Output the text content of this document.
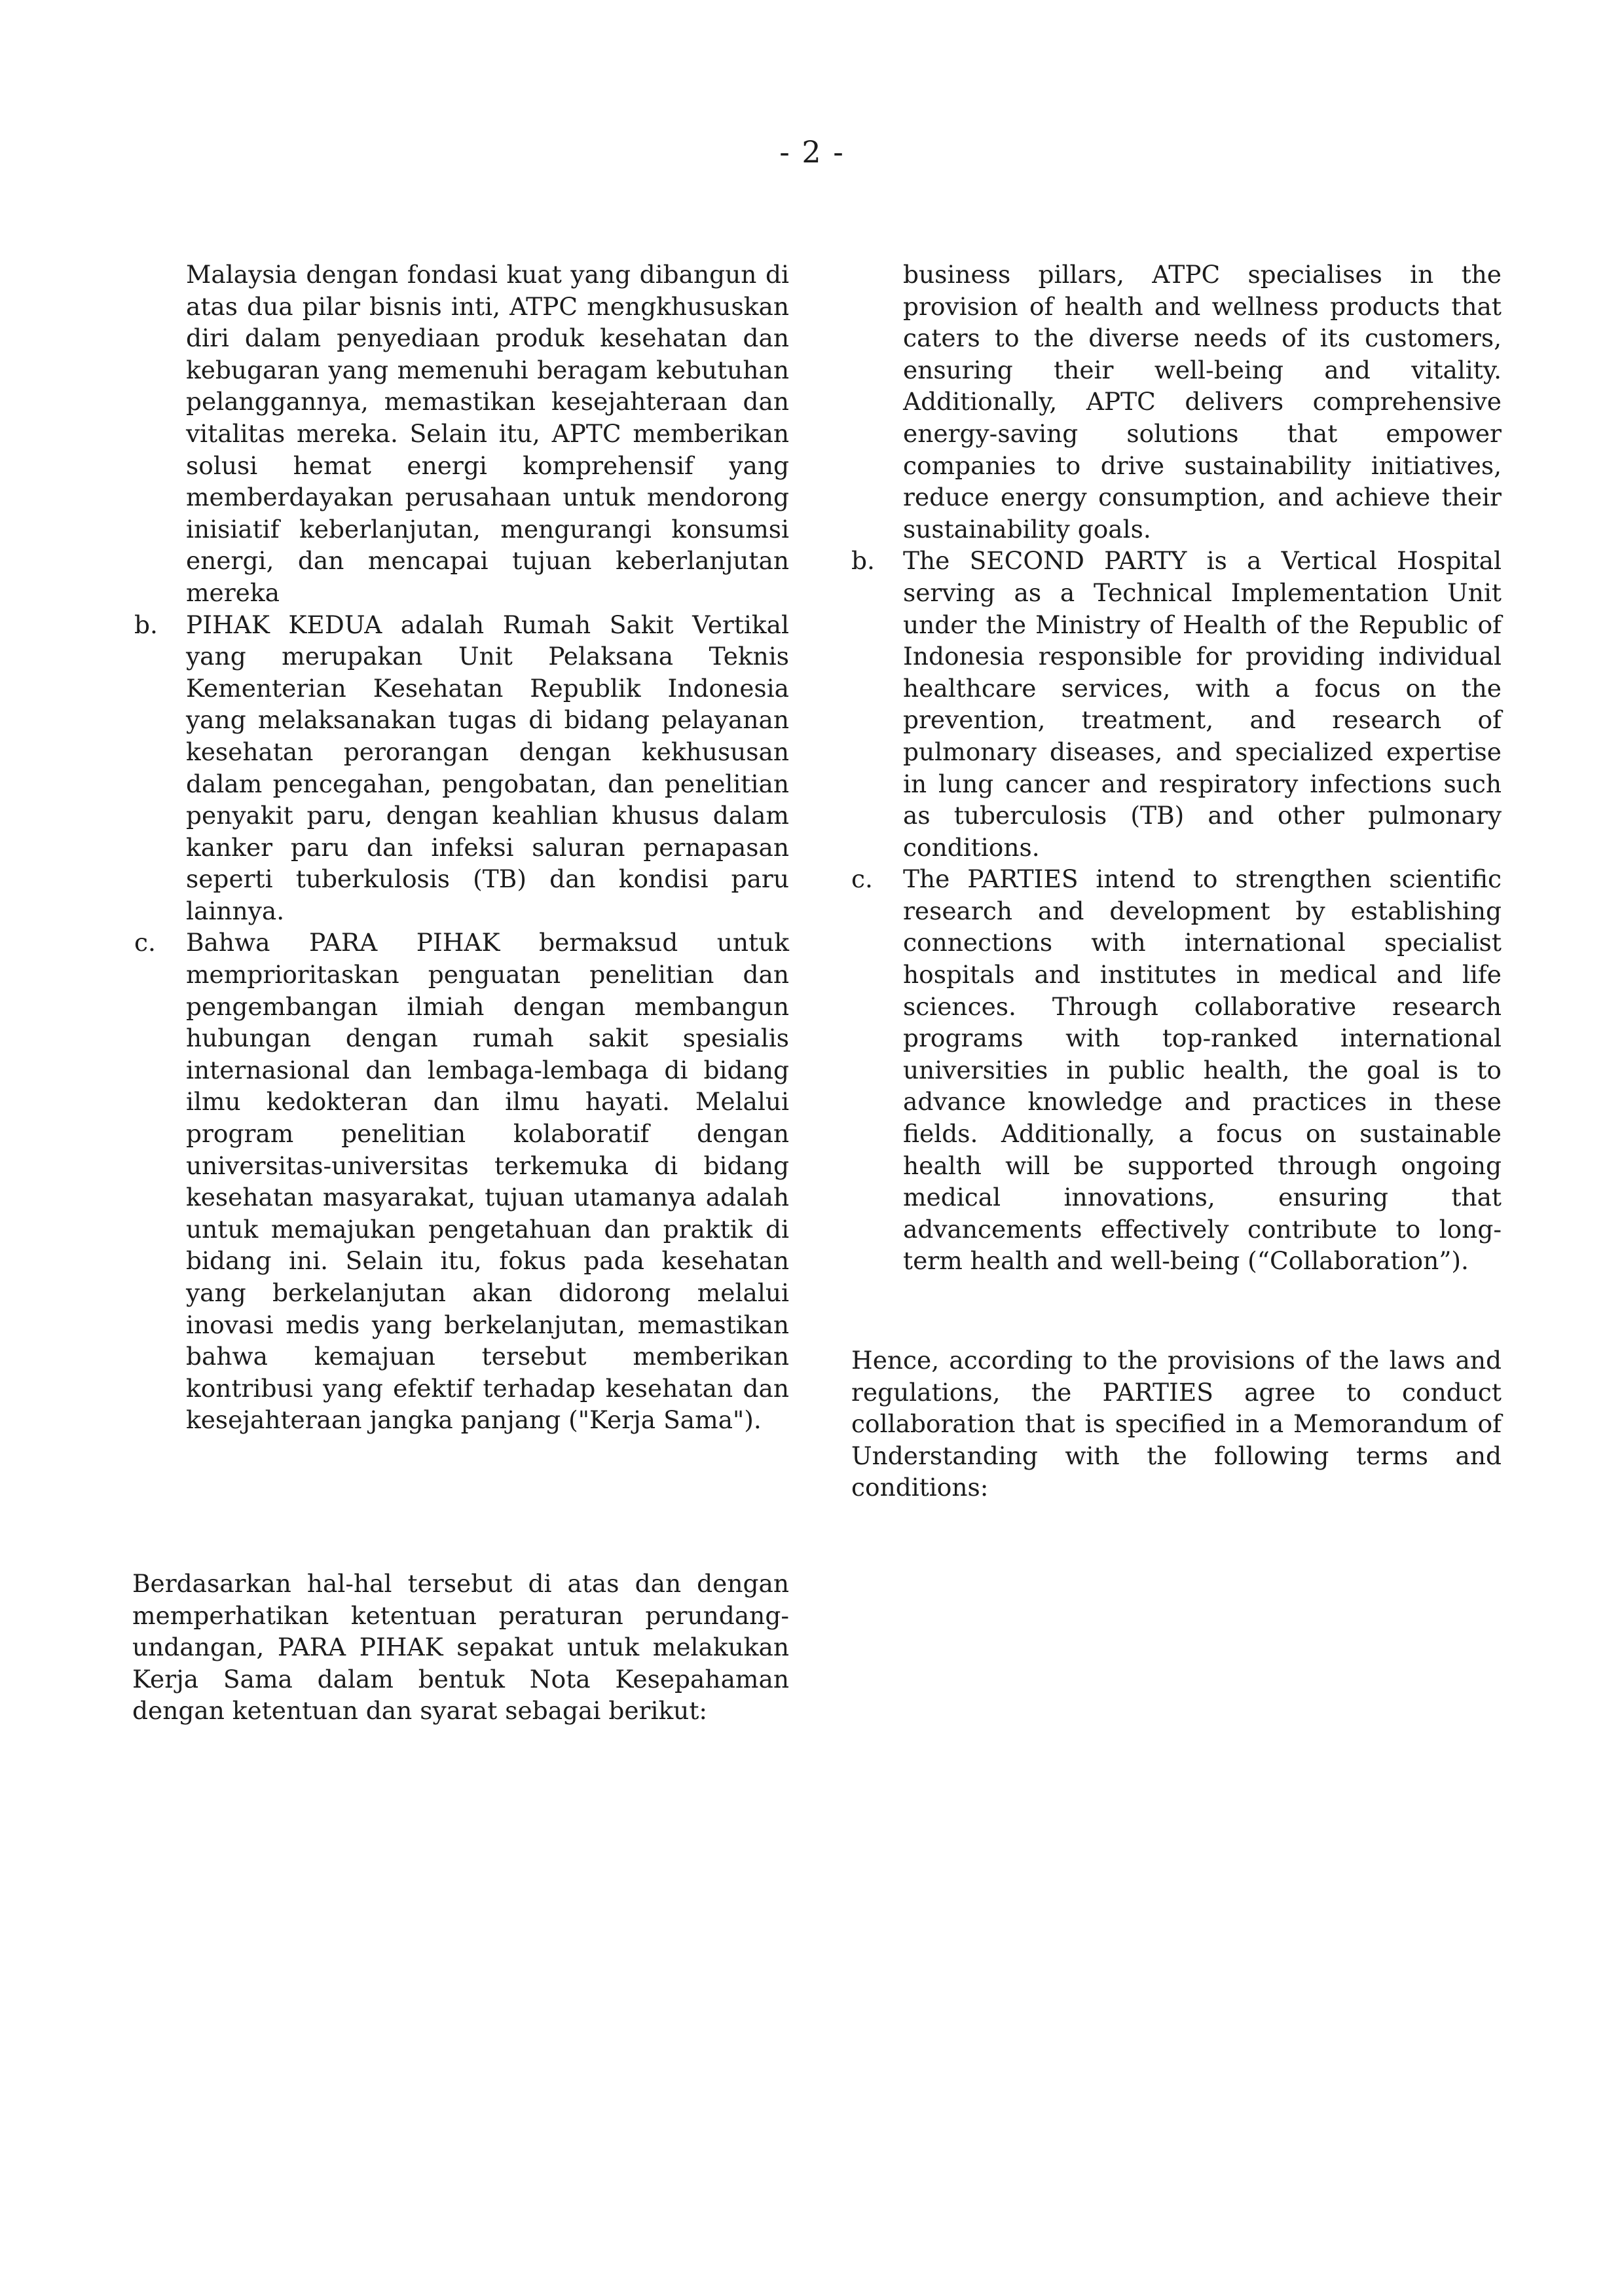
- 2 -

Malaysia dengan fondasi kuat yang dibangun di atas dua pilar bisnis inti, ATPC mengkhususkan diri dalam penyediaan produk kesehatan dan kebugaran yang memenuhi beragam kebutuhan pelanggannya, memastikan kesejahteraan dan vitalitas mereka. Selain itu, APTC memberikan solusi hemat energi komprehensif yang memberdayakan perusahaan untuk mendorong inisiatif keberlanjutan, mengurangi konsumsi energi, dan mencapai tujuan keberlanjutan mereka

b. PIHAK KEDUA adalah Rumah Sakit Vertikal yang merupakan Unit Pelaksana Teknis Kementerian Kesehatan Republik Indonesia yang melaksanakan tugas di bidang pelayanan kesehatan perorangan dengan kekhususan dalam pencegahan, pengobatan, dan penelitian penyakit paru, dengan keahlian khusus dalam kanker paru dan infeksi saluran pernapasan seperti tuberkulosis (TB) dan kondisi paru lainnya.
c. Bahwa PARA PIHAK bermaksud untuk memprioritaskan penguatan penelitian dan pengembangan ilmiah dengan membangun hubungan dengan rumah sakit spesialis internasional dan lembaga-lembaga di bidang ilmu kedokteran dan ilmu hayati. Melalui program penelitian kolaboratif dengan universitas-universitas terkemuka di bidang kesehatan masyarakat, tujuan utamanya adalah untuk memajukan pengetahuan dan praktik di bidang ini. Selain itu, fokus pada kesehatan yang berkelanjutan akan didorong melalui inovasi medis yang berkelanjutan, memastikan bahwa kemajuan tersebut memberikan kontribusi yang efektif terhadap kesehatan dan kesejahteraan jangka panjang ("Kerja Sama").

Berdasarkan hal-hal tersebut di atas dan dengan memperhatikan ketentuan peraturan perundang-undangan, PARA PIHAK sepakat untuk melakukan Kerja Sama dalam bentuk Nota Kesepahaman dengan ketentuan dan syarat sebagai berikut:

business pillars, ATPC specialises in the provision of health and wellness products that caters to the diverse needs of its customers, ensuring their well-being and vitality. Additionally, APTC delivers comprehensive energy-saving solutions that empower companies to drive sustainability initiatives, reduce energy consumption, and achieve their sustainability goals.

b. The SECOND PARTY is a Vertical Hospital serving as a Technical Implementation Unit under the Ministry of Health of the Republic of Indonesia responsible for providing individual healthcare services, with a focus on the prevention, treatment, and research of pulmonary diseases, and specialized expertise in lung cancer and respiratory infections such as tuberculosis (TB) and other pulmonary conditions.
c. The PARTIES intend to strengthen scientific research and development by establishing connections with international specialist hospitals and institutes in medical and life sciences. Through collaborative research programs with top-ranked international universities in public health, the goal is to advance knowledge and practices in these fields. Additionally, a focus on sustainable health will be supported through ongoing medical innovations, ensuring that advancements effectively contribute to long-term health and well-being (“Collaboration”).

Hence, according to the provisions of the laws and regulations, the PARTIES agree to conduct collaboration that is specified in a Memorandum of Understanding with the following terms and conditions:
